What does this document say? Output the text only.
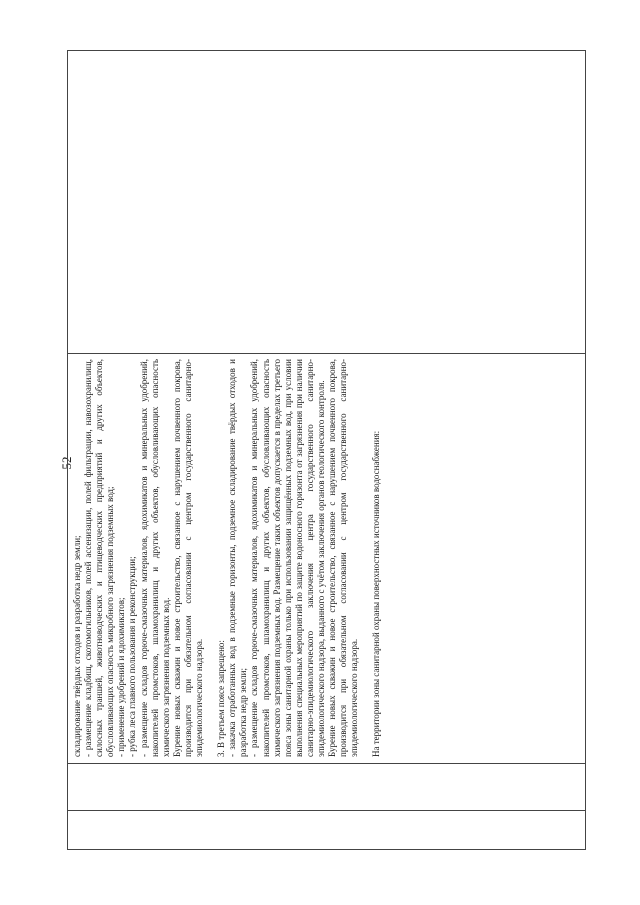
52

складирование твёрдых отходов и разработка недр земли; - размещение кладбищ, скотомогильников, полей ассенизации, полей фильтрации, навозохранилищ, силосных траншей, животноводческих и птицеводческих предприятий и других объектов, обусловливающих опасность микробного загрязнения подземных вод; - применение удобрений и ядохимикатов; - рубка леса главного пользования и реконструкции; - размещение складов горюче-смазочных материалов, ядохимикатов и минеральных удобрений, накопителей промстоков, шламохранилищ и других объектов, обусловливающих опасность химического загрязнения подземных вод. Бурение новых скважин и новое строительство, связанное с нарушением почвенного покрова, производится при обязательном согласовании с центром государственного санитарно-эпидемиологического надзора. 3. В третьем поясе запрещено: - закачка отработанных вод в подземные горизонты, подземное складирование твёрдых отходов и разработка недр земли; - размещение складов горюче-смазочных материалов, ядохимикатов и минеральных удобрений, накопителей промстоков, шламохранилищ и других объектов, обусловливающих опасность химического загрязнения подземных вод. Размещение таких объектов допускается в пределах третьего пояса зоны санитарной охраны только при использовании защищённых подземных вод, при условии выполнения специальных мероприятий по защите водоносного горизонта от загрязнения при наличии санитарно-эпидемиологического заключения центра государственного санитарно-эпидемиологического надзора, выданного с учётом заключения органов геологического контроля. Бурение новых скважин и новое строительство, связанное с нарушением почвенного покрова, производится при обязательном согласовании с центром государственного санитарно-эпидемиологического надзора. На территории зоны санитарной охраны поверхностных источников водоснабжения:
